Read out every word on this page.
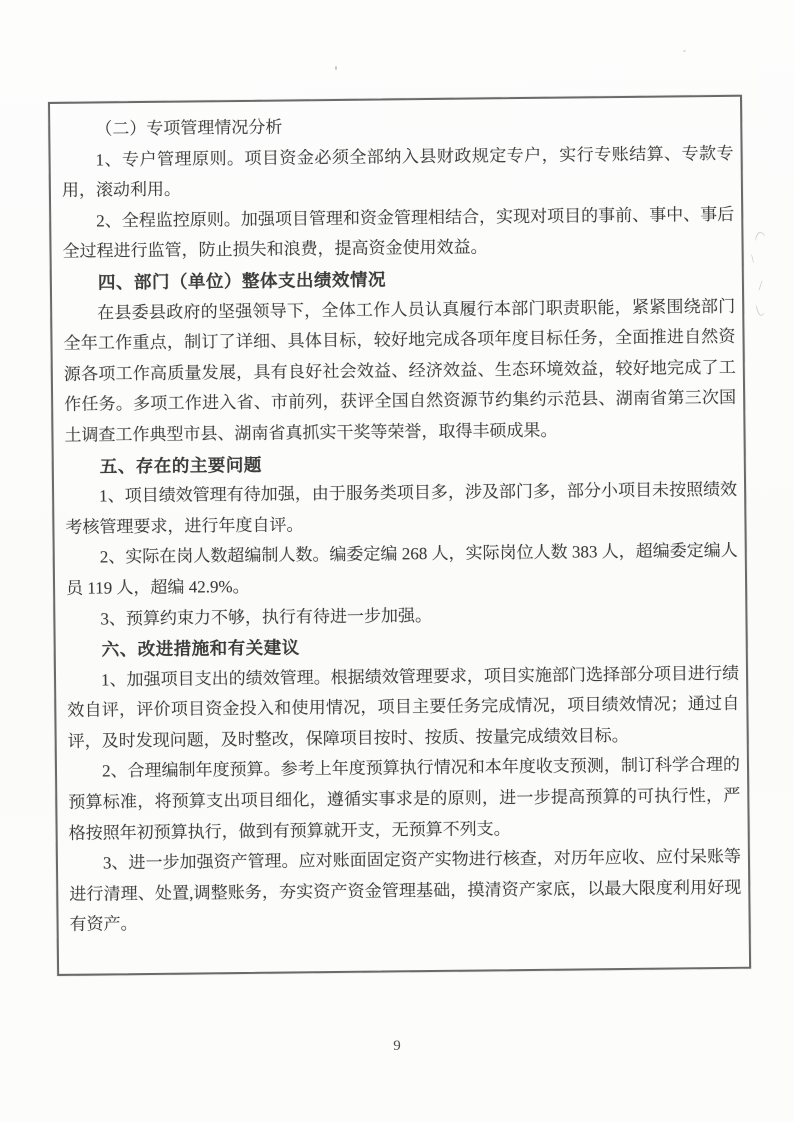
（二）专项管理情况分析

1、专户管理原则。项目资金必须全部纳入县财政规定专户，实行专账结算、专款专用，滚动利用。

2、全程监控原则。加强项目管理和资金管理相结合，实现对项目的事前、事中、事后全过程进行监管，防止损失和浪费，提高资金使用效益。

四、部门（单位）整体支出绩效情况

在县委县政府的坚强领导下，全体工作人员认真履行本部门职责职能，紧紧围绕部门全年工作重点，制订了详细、具体目标，较好地完成各项年度目标任务，全面推进自然资源各项工作高质量发展，具有良好社会效益、经济效益、生态环境效益，较好地完成了工作任务。多项工作进入省、市前列，获评全国自然资源节约集约示范县、湖南省第三次国土调查工作典型市县、湖南省真抓实干奖等荣誉，取得丰硕成果。

五、存在的主要问题

1、项目绩效管理有待加强，由于服务类项目多，涉及部门多，部分小项目未按照绩效考核管理要求，进行年度自评。

2、实际在岗人数超编制人数。编委定编 268 人，实际岗位人数 383 人，超编委定编人员 119 人，超编 42.9%。

3、预算约束力不够，执行有待进一步加强。

六、改进措施和有关建议

1、加强项目支出的绩效管理。根据绩效管理要求，项目实施部门选择部分项目进行绩效自评，评价项目资金投入和使用情况，项目主要任务完成情况，项目绩效情况；通过自评，及时发现问题，及时整改，保障项目按时、按质、按量完成绩效目标。

2、合理编制年度预算。参考上年度预算执行情况和本年度收支预测，制订科学合理的预算标准，将预算支出项目细化，遵循实事求是的原则，进一步提高预算的可执行性，严格按照年初预算执行，做到有预算就开支，无预算不列支。

3、进一步加强资产管理。应对账面固定资产实物进行核查，对历年应收、应付呆账等进行清理、处置,调整账务，夯实资产资金管理基础，摸清资产家底，以最大限度利用好现有资产。

9
